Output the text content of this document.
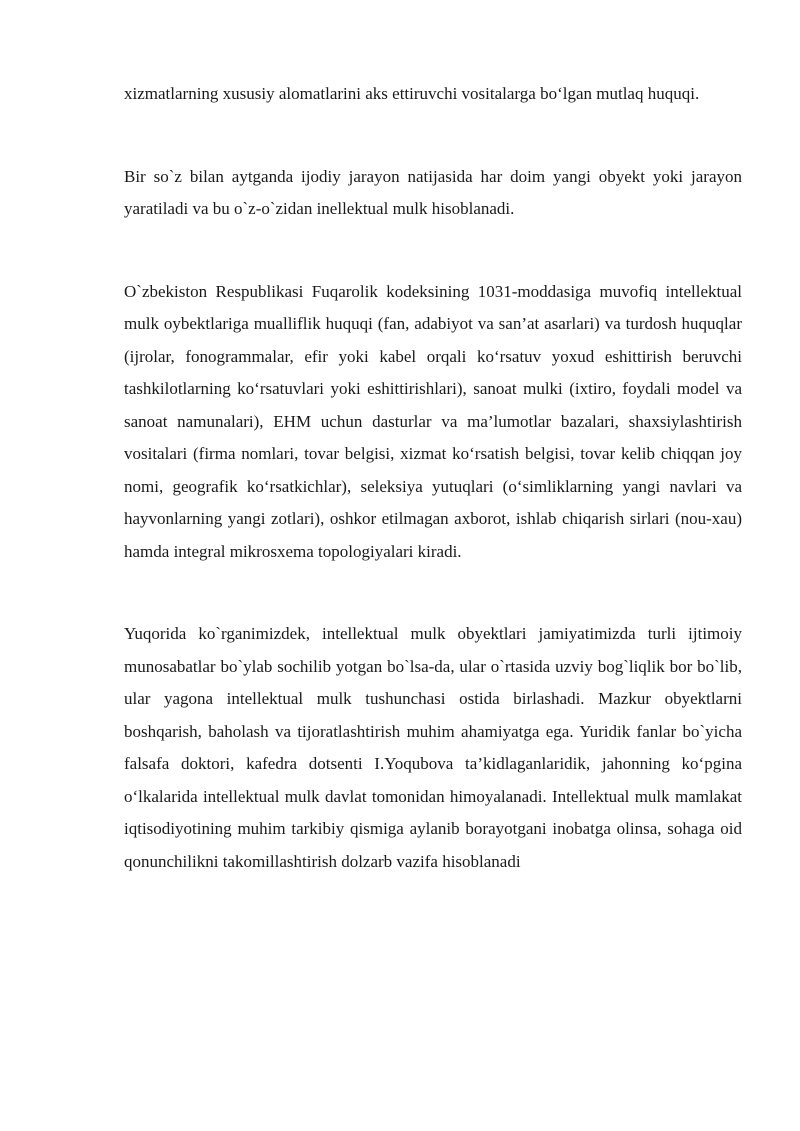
xizmatlarning xususiy alomatlarini aks ettiruvchi vositalarga bo‘lgan mutlaq huquqi.

Bir so`z bilan aytganda ijodiy jarayon natijasida har doim yangi obyekt yoki jarayon yaratiladi va bu o`z-o`zidan inellektual mulk hisoblanadi.

O`zbekiston Respublikasi Fuqarolik kodeksining 1031-moddasiga muvofiq intellektual mulk oybektlariga mualliflik huquqi (fan, adabiyot va san’at asarlari) va turdosh huquqlar (ijrolar, fonogrammalar, efir yoki kabel orqali ko‘rsatuv yoxud eshittirish beruvchi tashkilotlarning ko‘rsatuvlari yoki eshittirishlari), sanoat mulki (ixtiro, foydali model va sanoat namunalari), EHM uchun dasturlar va ma’lumotlar bazalari, shaxsiylashtirish vositalari (firma nomlari, tovar belgisi, xizmat ko‘rsatish belgisi, tovar kelib chiqqan joy nomi, geografik ko‘rsatkichlar), seleksiya yutuqlari (o‘simliklarning yangi navlari va hayvonlarning yangi zotlari), oshkor etilmagan axborot, ishlab chiqarish sirlari (nou-xau) hamda integral mikrosxema topologiyalari kiradi.

Yuqorida ko`rganimizdek, intellektual mulk obyektlari jamiyatimizda turli ijtimoiy munosabatlar bo`ylab sochilib yotgan bo`lsa-da, ular o`rtasida uzviy bog`liqlik bor bo`lib, ular yagona intellektual mulk tushunchasi ostida birlashadi. Mazkur obyektlarni boshqarish, baholash va tijoratlashtirish muhim ahamiyatga ega. Yuridik fanlar bo`yicha falsafa doktori, kafedra dotsenti I.Yoqubova ta’kidlaganlaridik, jahonning ko‘pgina o‘lkalarida intellektual mulk davlat tomonidan himoyalanadi. Intellektual mulk mamlakat iqtisodiyotining muhim tarkibiy qismiga aylanib borayotgani inobatga olinsa, sohaga oid qonunchilikni takomillashtirish dolzarb vazifa hisoblanadi
